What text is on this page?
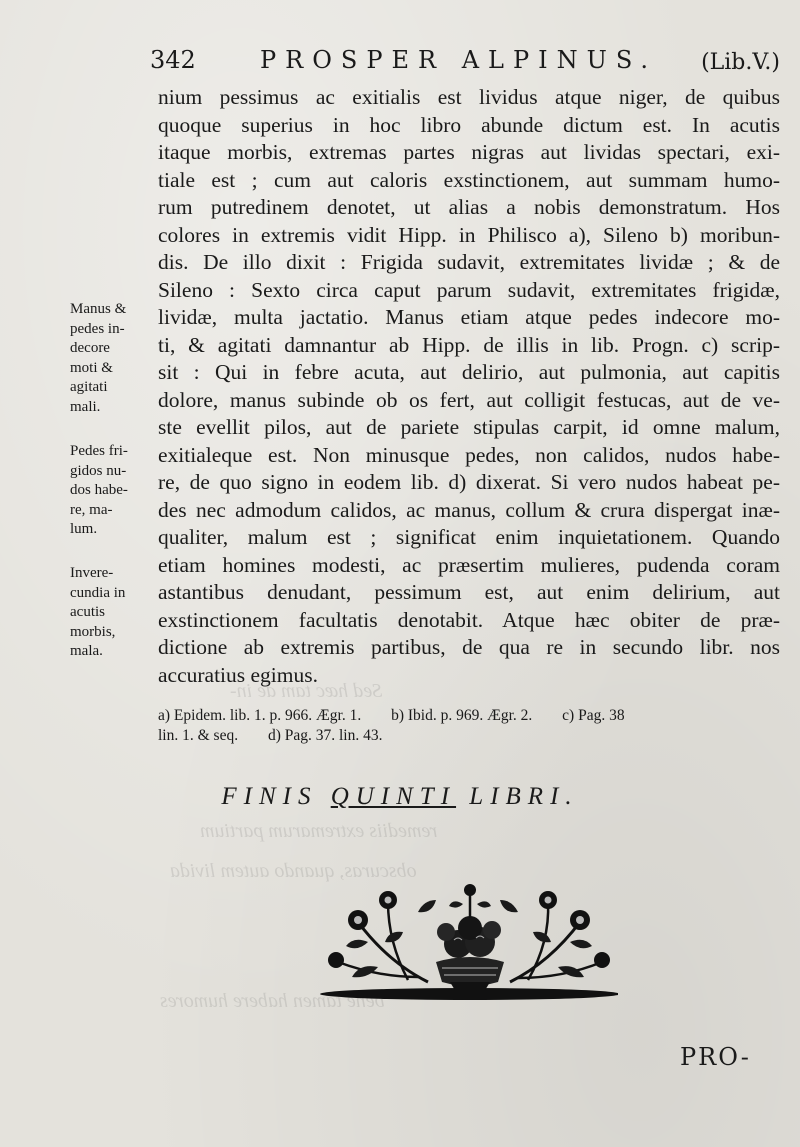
Sed hæc tam de in-
remediis extremarum partium
obscuras, quando autem livida
bene tamen habere humores
342	PROSPER ALPINUS. (Lib.V.)
nium pessimus ac exitialis est lividus atque niger, de quibus
quoque superius in hoc libro abunde dictum est. In acutis
itaque morbis, extremas partes nigras aut lividas spectari, exi-
tiale est ; cum aut caloris exstinctionem, aut summam humo-
rum putredinem denotet, ut alias a nobis demonstratum. Hos
colores in extremis vidit Hipp. in Philisco a), Sileno b) moribun-
dis. De illo dixit : Frigida sudavit, extremitates lividæ ; & de
Sileno : Sexto circa caput parum sudavit, extremitates frigidæ,
lividæ, multa jactatio. Manus etiam atque pedes indecore mo-
ti, & agitati damnantur ab Hipp. de illis in lib. Progn. c) scrip-
sit : Qui in febre acuta, aut delirio, aut pulmonia, aut capitis
dolore, manus subinde ob os fert, aut colligit festucas, aut de ve-
ste evellit pilos, aut de pariete stipulas carpit, id omne malum,
exitialeque est. Non minusque pedes, non calidos, nudos habe-
re, de quo signo in eodem lib. d) dixerat. Si vero nudos habeat pe-
des nec admodum calidos, ac manus, collum & crura dispergat inæ-
qualiter, malum est ; significat enim inquietationem. Quando
etiam homines modesti, ac præsertim mulieres, pudenda coram
astantibus denudant, pessimum est, aut enim delirium, aut
exstinctionem facultatis denotabit. Atque hæc obiter de præ-
dictione ab extremis partibus, de qua re in secundo libr. nos
accuratius egimus.
Manus &
pedes in-
decore
moti &
agitati
mali.
Pedes fri-
gidos nu-
dos habe-
re, ma-
lum.
Invere-
cundia in
acutis
morbis,
mala.
a) Epidem. lib. 1. p. 966. Ægr. 1. b) Ibid. p. 969. Ægr. 2. c) Pag. 38
lin. 1. & seq. d) Pag. 37. lin. 43.
FINIS QUINTI LIBRI.
PRO-
